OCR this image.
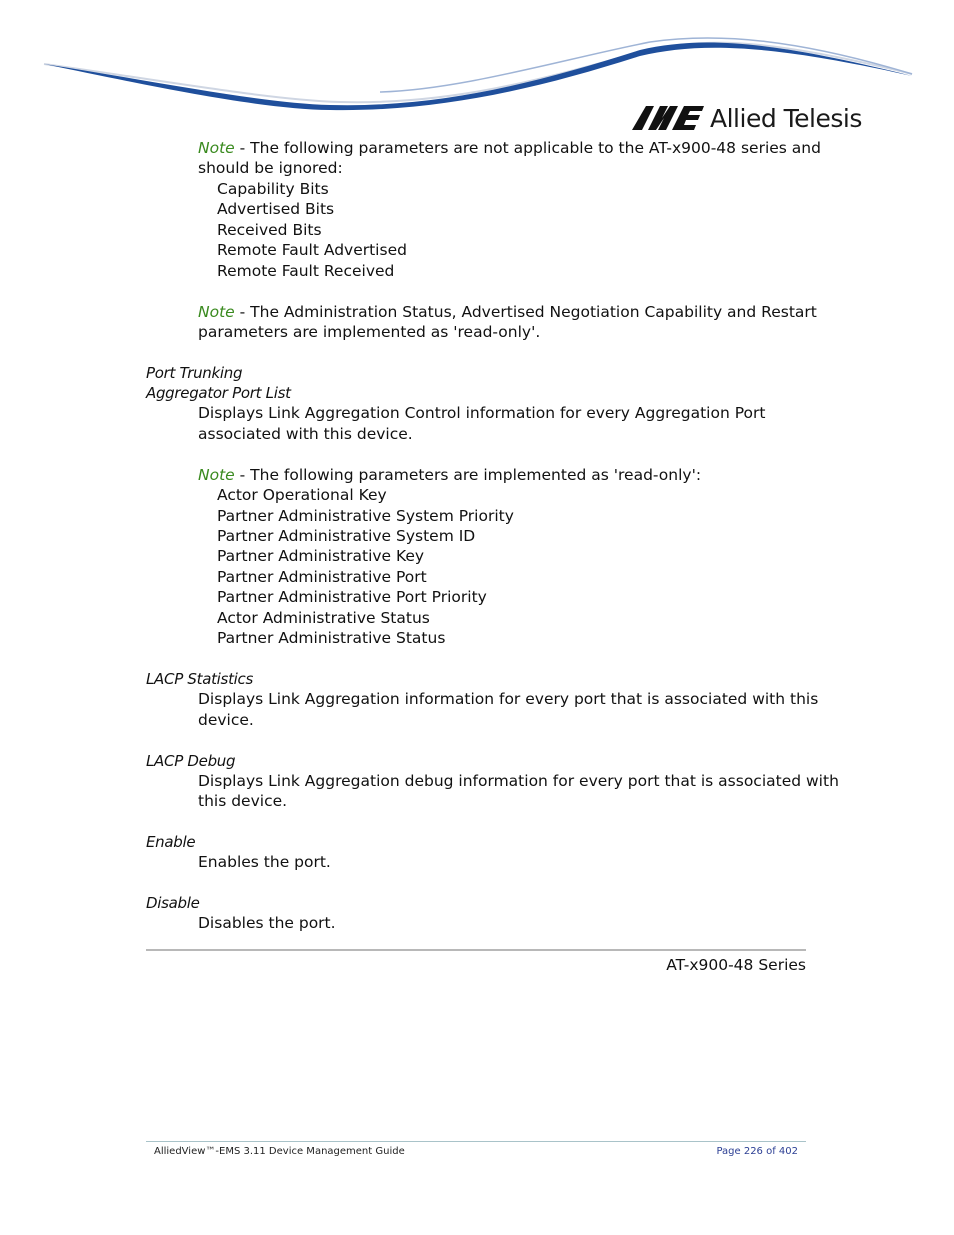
Allied Telesis
Note - The following parameters are not applicable to the AT-x900-48 series and
should be ignored:
Capability Bits
Advertised Bits
Received Bits
Remote Fault Advertised
Remote Fault Received
Note - The Administration Status, Advertised Negotiation Capability and Restart
parameters are implemented as 'read-only'.
Port Trunking
Aggregator Port List
Displays Link Aggregation Control information for every Aggregation Port
associated with this device.
Note - The following parameters are implemented as 'read-only':
Actor Operational Key
Partner Administrative System Priority
Partner Administrative System ID
Partner Administrative Key
Partner Administrative Port
Partner Administrative Port Priority
Actor Administrative Status
Partner Administrative Status
LACP Statistics
Displays Link Aggregation information for every port that is associated with this
device.
LACP Debug
Displays Link Aggregation debug information for every port that is associated with
this device.
Enable
Enables the port.
Disable
Disables the port.
AT-x900-48 Series
AlliedView™-EMS 3.11 Device Management Guide	Page 226 of 402
